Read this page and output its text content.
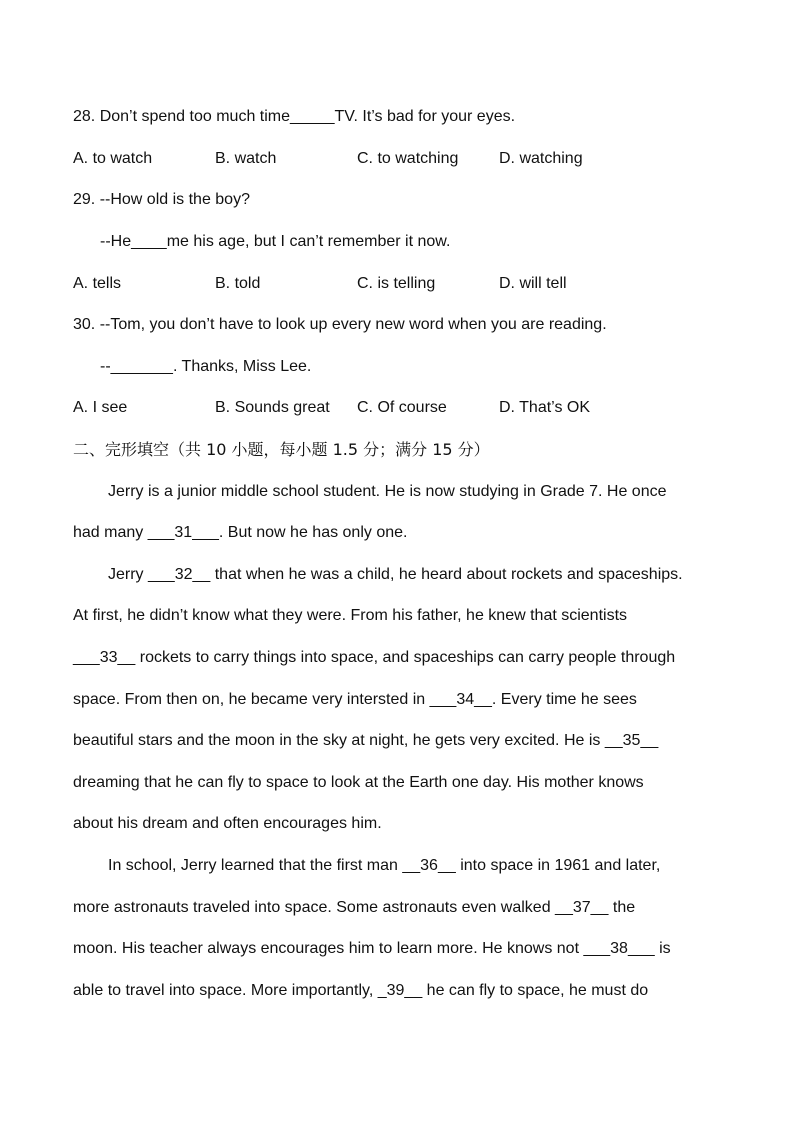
28. Don’t spend too much time_____TV. It’s bad for your eyes.
A. to watch	B. watch	C. to watching	D. watching
29. --How old is the boy?
--He____me his age, but I can’t remember it now.
A. tells	B. told	C. is telling	D. will tell
30. --Tom, you don’t have to look up every new word when you are reading.
--_______. Thanks, Miss Lee.
A. I see	B. Sounds great C. Of course	D. That’s OK
二、完形填空（共 10 小题，每小题 1.5 分；满分 15 分）
Jerry is a junior middle school student. He is now studying in Grade 7. He once
had many ___31___. But now he has only one.
Jerry ___32__ that when he was a child, he heard about rockets and spaceships.
At first, he didn’t know what they were. From his father, he knew that scientists
___33__ rockets to carry things into space, and spaceships can carry people through
space. From then on, he became very intersted in ___34__. Every time he sees
beautiful stars and the moon in the sky at night, he gets very excited. He is __35__
dreaming that he can fly to space to look at the Earth one day. His mother knows
about his dream and often encourages him.
In school, Jerry learned that the first man __36__ into space in 1961 and later,
more astronauts traveled into space. Some astronauts even walked __37__ the
moon. His teacher always encourages him to learn more. He knows not ___38___ is
able to travel into space. More importantly, _39__ he can fly to space, he must do
